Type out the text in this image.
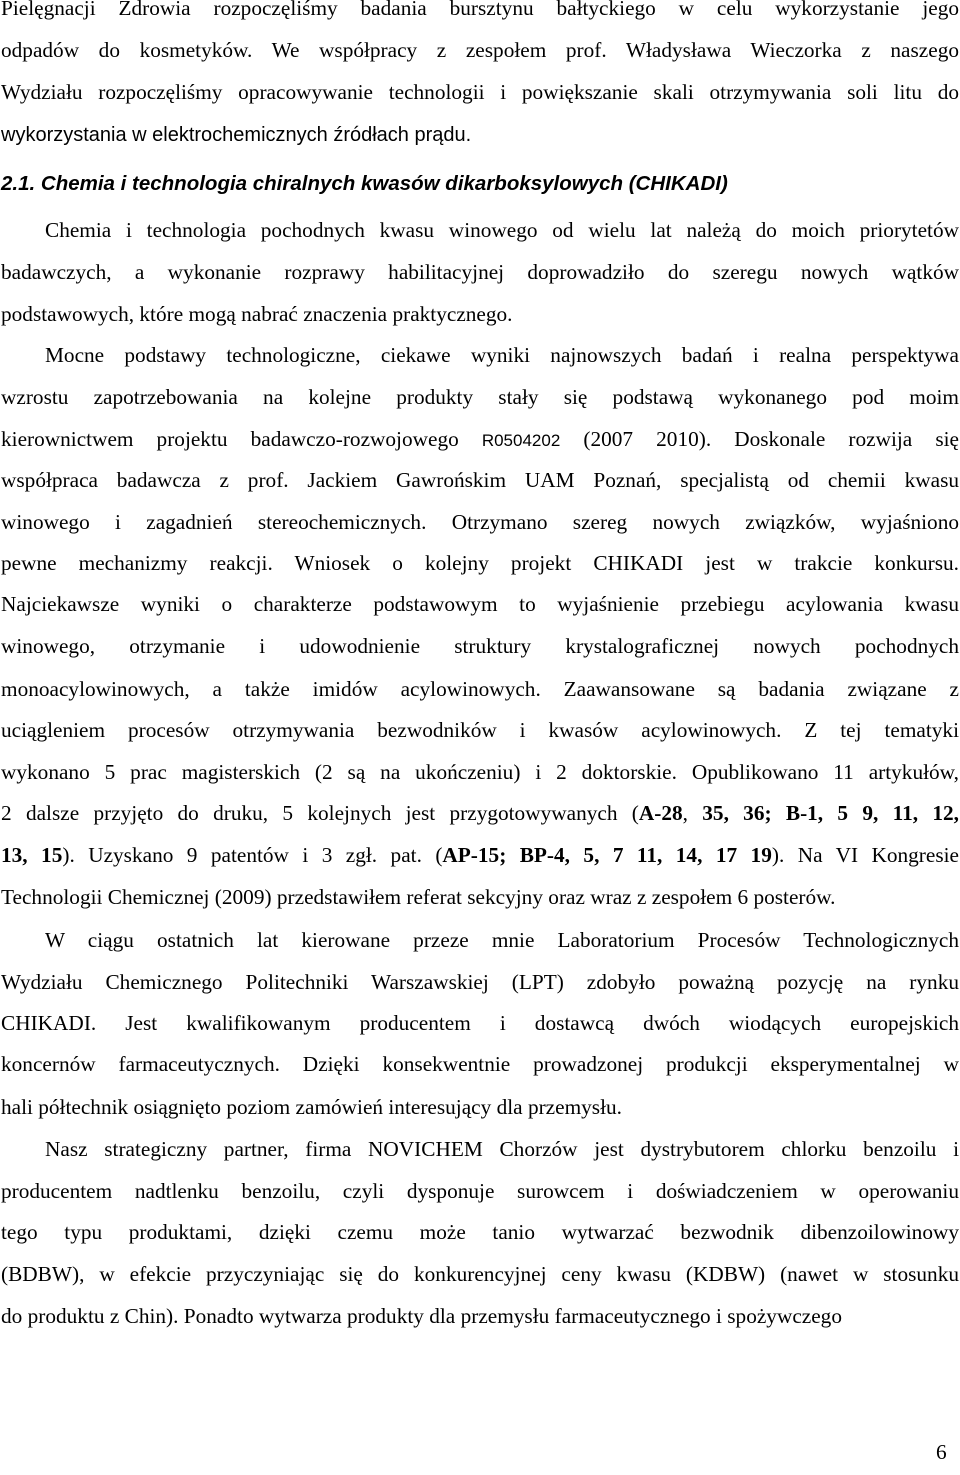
Pielęgnacji Zdrowia rozpoczęliśmy badania bursztynu bałtyckiego w celu wykorzystanie jego
odpadów do kosmetyków. We współpracy z zespołem prof. Władysława Wieczorka z naszego
Wydziału rozpoczęliśmy opracowywanie technologii i powiększanie skali otrzymywania soli litu do
wykorzystania w elektrochemicznych źródłach prądu.
2.1. Chemia i technologia chiralnych kwasów dikarboksylowych (CHIKADI)
Chemia i technologia pochodnych kwasu winowego od wielu lat należą do moich priorytetów
badawczych, a wykonanie rozprawy habilitacyjnej doprowadziło do szeregu nowych wątków
podstawowych, które mogą nabrać znaczenia praktycznego.
Mocne podstawy technologiczne, ciekawe wyniki najnowszych badań i realna perspektywa
wzrostu zapotrzebowania na kolejne produkty stały się podstawą wykonanego pod moim
kierownictwem projektu badawczo-rozwojowego R0504202 (2007 2010). Doskonale rozwija się
współpraca badawcza z prof. Jackiem Gawrońskim UAM Poznań, specjalistą od chemii kwasu
winowego i zagadnień stereochemicznych. Otrzymano szereg nowych związków, wyjaśniono
pewne mechanizmy reakcji. Wniosek o kolejny projekt CHIKADI jest w trakcie konkursu.
Najciekawsze wyniki o charakterze podstawowym to wyjaśnienie przebiegu acylowania kwasu
winowego, otrzymanie i udowodnienie struktury krystalograficznej nowych pochodnych
monoacylowinowych, a także imidów acylowinowych. Zaawansowane są badania związane z
uciągleniem procesów otrzymywania bezwodników i kwasów acylowinowych. Z tej tematyki
wykonano 5 prac magisterskich (2 są na ukończeniu) i 2 doktorskie. Opublikowano 11 artykułów,
2 dalsze przyjęto do druku, 5 kolejnych jest przygotowywanych (A-28, 35, 36; B-1, 5 9, 11, 12,
13, 15). Uzyskano 9 patentów i 3 zgł. pat. (AP-15; BP-4, 5, 7 11, 14, 17 19). Na VI Kongresie
Technologii Chemicznej (2009) przedstawiłem referat sekcyjny oraz wraz z zespołem 6 posterów.
W ciągu ostatnich lat kierowane przeze mnie Laboratorium Procesów Technologicznych
Wydziału Chemicznego Politechniki Warszawskiej (LPT) zdobyło poważną pozycję na rynku
CHIKADI. Jest kwalifikowanym producentem i dostawcą dwóch wiodących europejskich
koncernów farmaceutycznych. Dzięki konsekwentnie prowadzonej produkcji eksperymentalnej w
hali półtechnik osiągnięto poziom zamówień interesujący dla przemysłu.
Nasz strategiczny partner, firma NOVICHEM Chorzów jest dystrybutorem chlorku benzoilu i
producentem nadtlenku benzoilu, czyli dysponuje surowcem i doświadczeniem w operowaniu
tego typu produktami, dzięki czemu może tanio wytwarzać bezwodnik dibenzoilowinowy
(BDBW), w efekcie przyczyniając się do konkurencyjnej ceny kwasu (KDBW) (nawet w stosunku
do produktu z Chin). Ponadto wytwarza produkty dla przemysłu farmaceutycznego i spożywczego
6
